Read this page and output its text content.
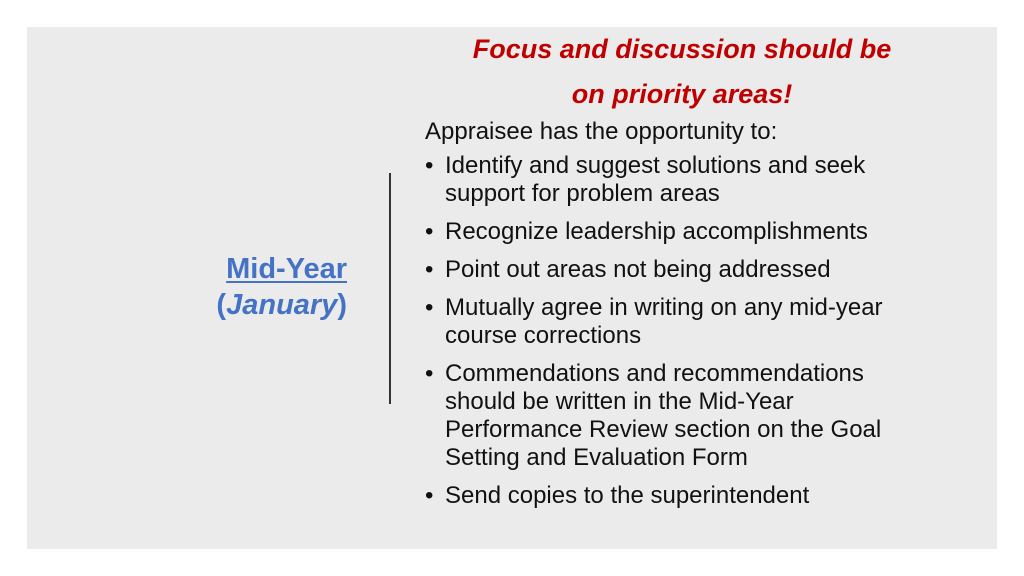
Mid-Year
(January)

Focus and discussion should be
on priority areas!

Appraisee has the opportunity to:

• Identify and suggest solutions and seek support for problem areas
• Recognize leadership accomplishments
• Point out areas not being addressed
• Mutually agree in writing on any mid-year course corrections
• Commendations and recommendations should be written in the Mid-Year Performance Review section on the Goal Setting and Evaluation Form
• Send copies to the superintendent
